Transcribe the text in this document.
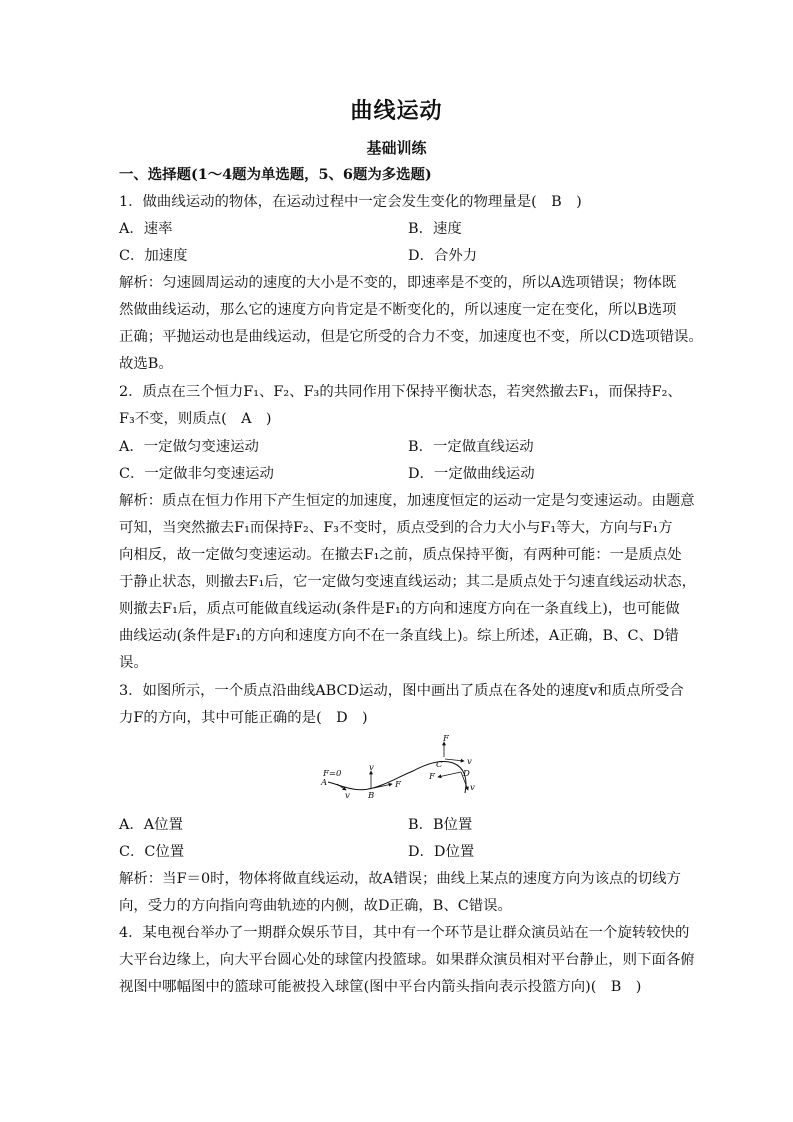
曲线运动
基础训练
一、选择题(1～4题为单选题，5、6题为多选题)
1．做曲线运动的物体，在运动过程中一定会发生变化的物理量是(　B　)
A．速率	B．速度
C．加速度	D．合外力
解析：匀速圆周运动的速度的大小是不变的，即速率是不变的，所以A选项错误；物体既
然做曲线运动，那么它的速度方向肯定是不断变化的，所以速度一定在变化，所以B选项
正确；平抛运动也是曲线运动，但是它所受的合力不变，加速度也不变，所以CD选项错误。
故选B。
2．质点在三个恒力F₁、F₂、F₃的共同作用下保持平衡状态，若突然撤去F₁，而保持F₂、
F₃不变，则质点(　A　)
A．一定做匀变速运动	B．一定做直线运动
C．一定做非匀变速运动	D．一定做曲线运动
解析：质点在恒力作用下产生恒定的加速度，加速度恒定的运动一定是匀变速运动。由题意
可知，当突然撤去F₁而保持F₂、F₃不变时，质点受到的合力大小与F₁等大，方向与F₁方
向相反，故一定做匀变速运动。在撤去F₁之前，质点保持平衡，有两种可能：一是质点处
于静止状态，则撤去F₁后，它一定做匀变速直线运动；其二是质点处于匀速直线运动状态，
则撤去F₁后，质点可能做直线运动(条件是F₁的方向和速度方向在一条直线上)，也可能做
曲线运动(条件是F₁的方向和速度方向不在一条直线上)。综上所述，A正确，B、C、D错
误。
3．如图所示，一个质点沿曲线ABCD运动，图中画出了质点在各处的速度v和质点所受合
力F的方向，其中可能正确的是(　D　)
A
F=0
v B
v
F
C	v
F
D
F
v
A．A位置	B．B位置
C．C位置	D．D位置
解析：当F＝0时，物体将做直线运动，故A错误；曲线上某点的速度方向为该点的切线方
向，受力的方向指向弯曲轨迹的内侧，故D正确，B、C错误。
4．某电视台举办了一期群众娱乐节目，其中有一个环节是让群众演员站在一个旋转较快的
大平台边缘上，向大平台圆心处的球筐内投篮球。如果群众演员相对平台静止，则下面各俯
视图中哪幅图中的篮球可能被投入球筐(图中平台内箭头指向表示投篮方向)(　B　)
